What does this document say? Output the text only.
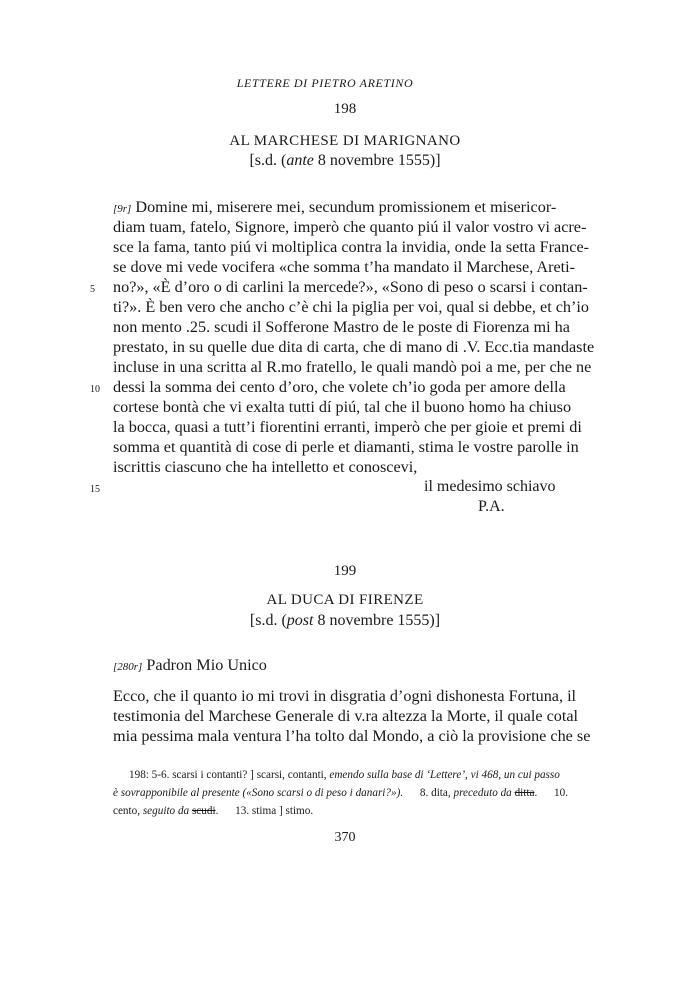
LETTERE DI PIETRO ARETINO
198
AL MARCHESE DI MARIGNANO
[s.d. (ante 8 novembre 1555)]
[9r] Domine mi, miserere mei, secundum promissionem et misericor-
diam tuam, fatelo, Signore, imperò che quanto piú il valor vostro vi acre-
sce la fama, tanto piú vi moltiplica contra la invidia, onde la setta France-
se dove mi vede vocifera «che somma t’ha mandato il Marchese, Areti-
no?», «È d’oro o di carlini la mercede?», «Sono di peso o scarsi i contan-
ti?». È ben vero che ancho c’è chi la piglia per voi, qual si debbe, et ch’io
non mento .25. scudi il Sofferone Mastro de le poste di Fiorenza mi ha
prestato, in su quelle due dita di carta, che di mano di .V. Ecc.tia mandaste
incluse in una scritta al R.mo fratello, le quali mandò poi a me, per che ne
dessi la somma dei cento d’oro, che volete ch’io goda per amore della
cortese bontà che vi exalta tutti dí piú, tal che il buono homo ha chiuso
la bocca, quasi a tutt’i fiorentini erranti, imperò che per gioie et premi di
somma et quantità di cose di perle et diamanti, stima le vostre parolle in
iscrittis ciascuno che ha intelletto et conoscevi,
5
10
15	il medesimo schiavo
P.A.
199
AL DUCA DI FIRENZE
[s.d. (post 8 novembre 1555)]
[280r] Padron Mio Unico
Ecco, che il quanto io mi trovi in disgratia d’ogni dishonesta Fortuna, il
testimonia del Marchese Generale di v.ra altezza la Morte, il quale cotal
mia pessima mala ventura l’ha tolto dal Mondo, a ciò la provisione che se
198: 5-6. scarsi i contanti? ] scarsi, contanti, emendo sulla base di ‘Lettere’, vi 468, un cui passo
è sovrapponibile al presente («Sono scarsi o di peso i danari?»). 8. dita, preceduto da ditta.      10.
cento, seguito da scudi.      13. stima ] stimo.
370
